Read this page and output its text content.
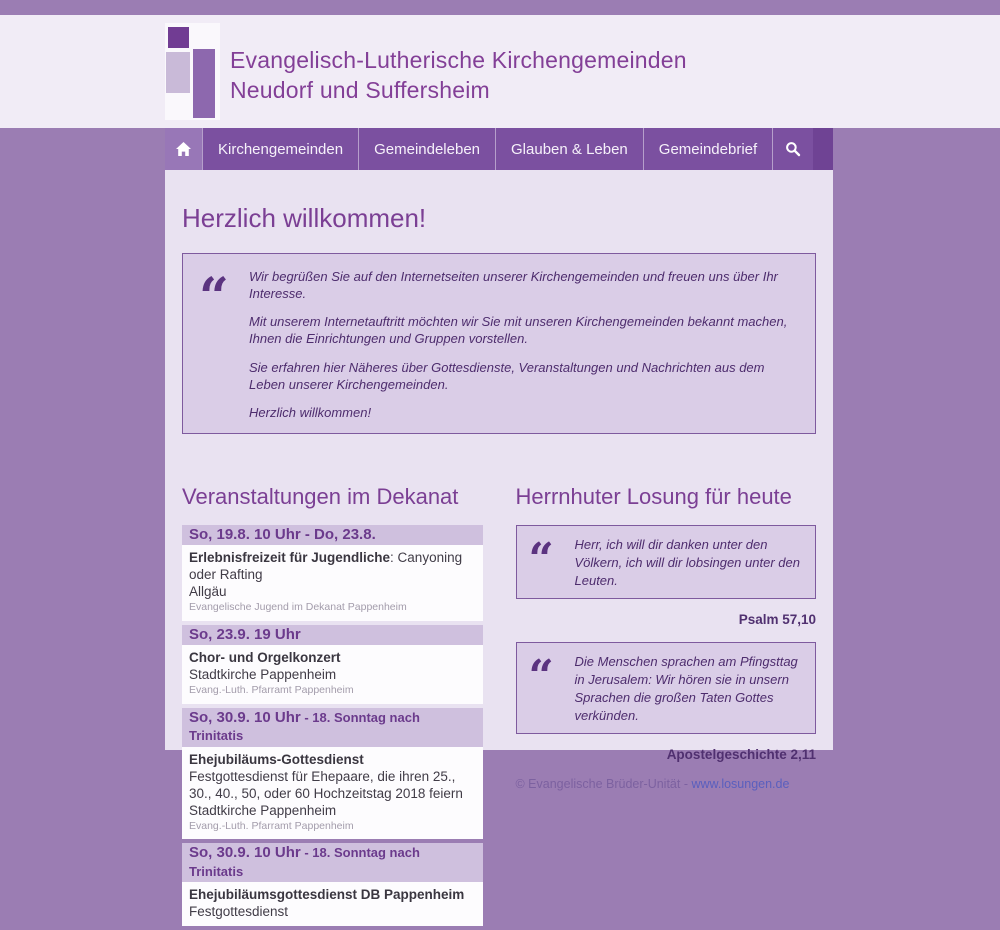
Evangelisch-Lutherische Kirchengemeinden
Neudorf und Suffersheim
Kirchengemeinden	Gemeindeleben	Glauben & Leben	Gemeindebrief
Herzlich willkommen!
“	Wir begrüßen Sie auf den Internetseiten unserer Kirchengemeinden und freuen uns über Ihr Interesse.

Mit unserem Internetauftritt möchten wir Sie mit unseren Kirchengemeinden bekannt machen, Ihnen die Einrichtungen und Gruppen vorstellen.

Sie erfahren hier Näheres über Gottesdienste, Veranstaltungen und Nachrichten aus dem Leben unserer Kirchengemeinden.

Herzlich willkommen!

Veranstaltungen im Dekanat
So, 19.8. 10 Uhr - Do, 23.8.
Erlebnisfreizeit für Jugendliche: Canyoning oder Rafting
Allgäu
Evangelische Jugend im Dekanat Pappenheim
So, 23.9. 19 Uhr
Chor- und Orgelkonzert
Stadtkirche Pappenheim
Evang.-Luth. Pfarramt Pappenheim
So, 30.9. 10 Uhr - 18. Sonntag nach Trinitatis
Ehejubiläums-Gottesdienst
Festgottesdienst für Ehepaare, die ihren 25., 30., 40., 50, oder 60 Hochzeitstag 2018 feiern
Stadtkirche Pappenheim
Evang.-Luth. Pfarramt Pappenheim
So, 30.9. 10 Uhr - 18. Sonntag nach Trinitatis
Ehejubiläumsgottesdienst DB Pappenheim
Festgottesdienst
Herrnhuter Losung für heute
“	Herr, ich will dir danken unter den Völkern, ich will dir lobsingen unter den Leuten.
Psalm 57,10
“	Die Menschen sprachen am Pfingsttag in Jerusalem: Wir hören sie in unsern Sprachen die großen Taten Gottes verkünden.
Apostelgeschichte 2,11
© Evangelische Brüder-Unität - www.losungen.de
